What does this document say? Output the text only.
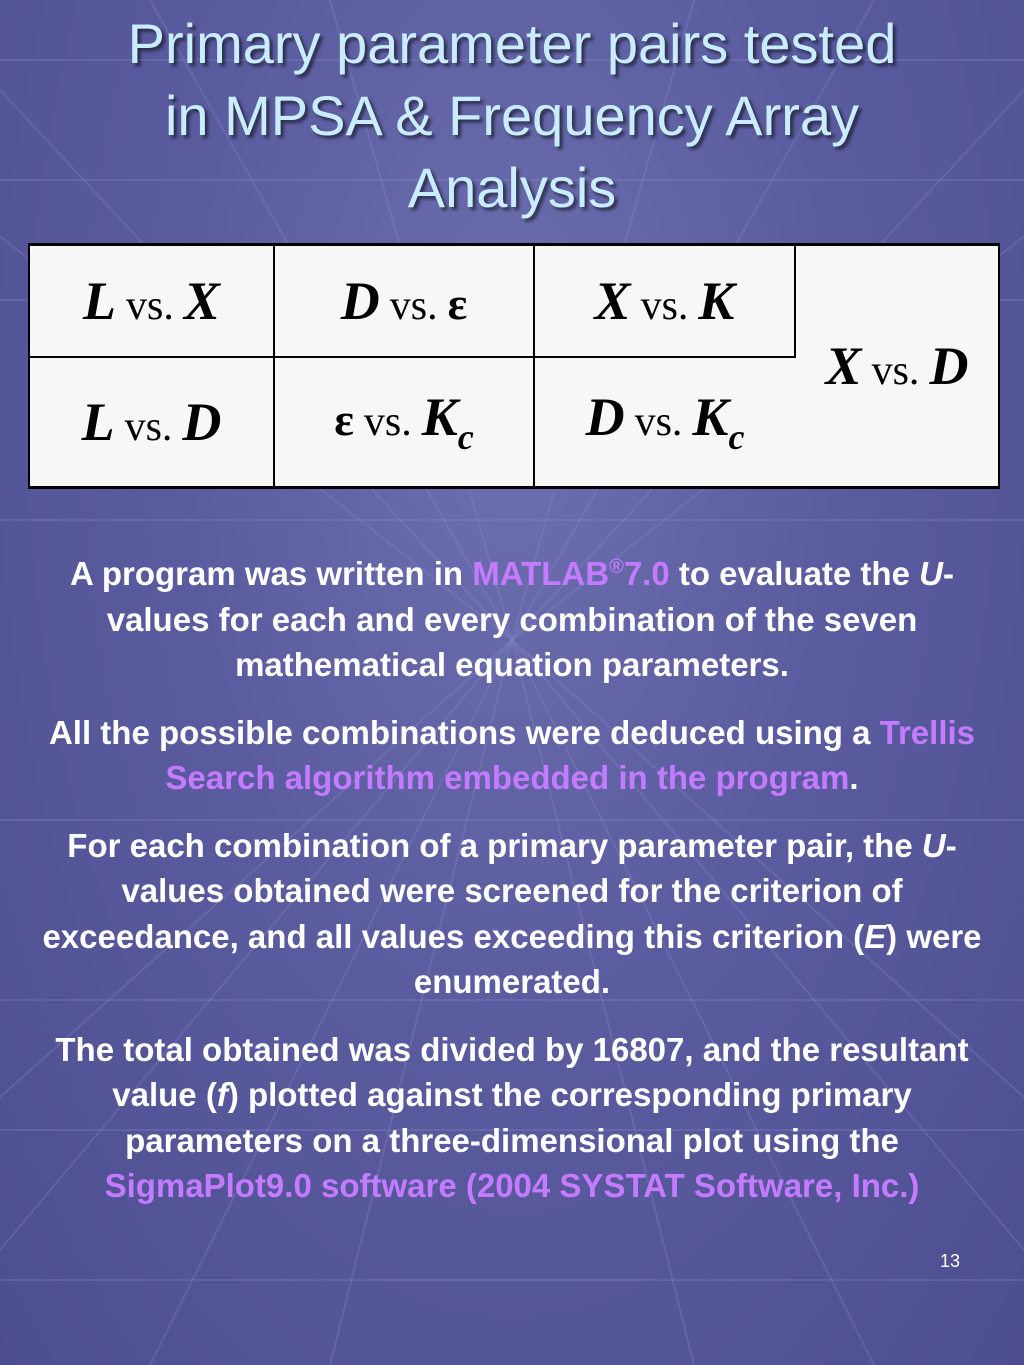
Primary parameter pairs tested
in MPSA & Frequency Array
Analysis
L vs. X	D vs. ε	X vs. K	X vs. D
L vs. D	ε vs. Kc	D vs. Kc	

A program was written in MATLAB®7.0 to evaluate the U-values for each and every combination of the seven mathematical equation parameters.

All the possible combinations were deduced using a Trellis Search algorithm embedded in the program.

For each combination of a primary parameter pair, the U-values obtained were screened for the criterion of exceedance, and all values exceeding this criterion (E) were enumerated.

The total obtained was divided by 16807, and the resultant value (f) plotted against the corresponding primary parameters on a three-dimensional plot using the SigmaPlot9.0 software (2004 SYSTAT Software, Inc.)

13
